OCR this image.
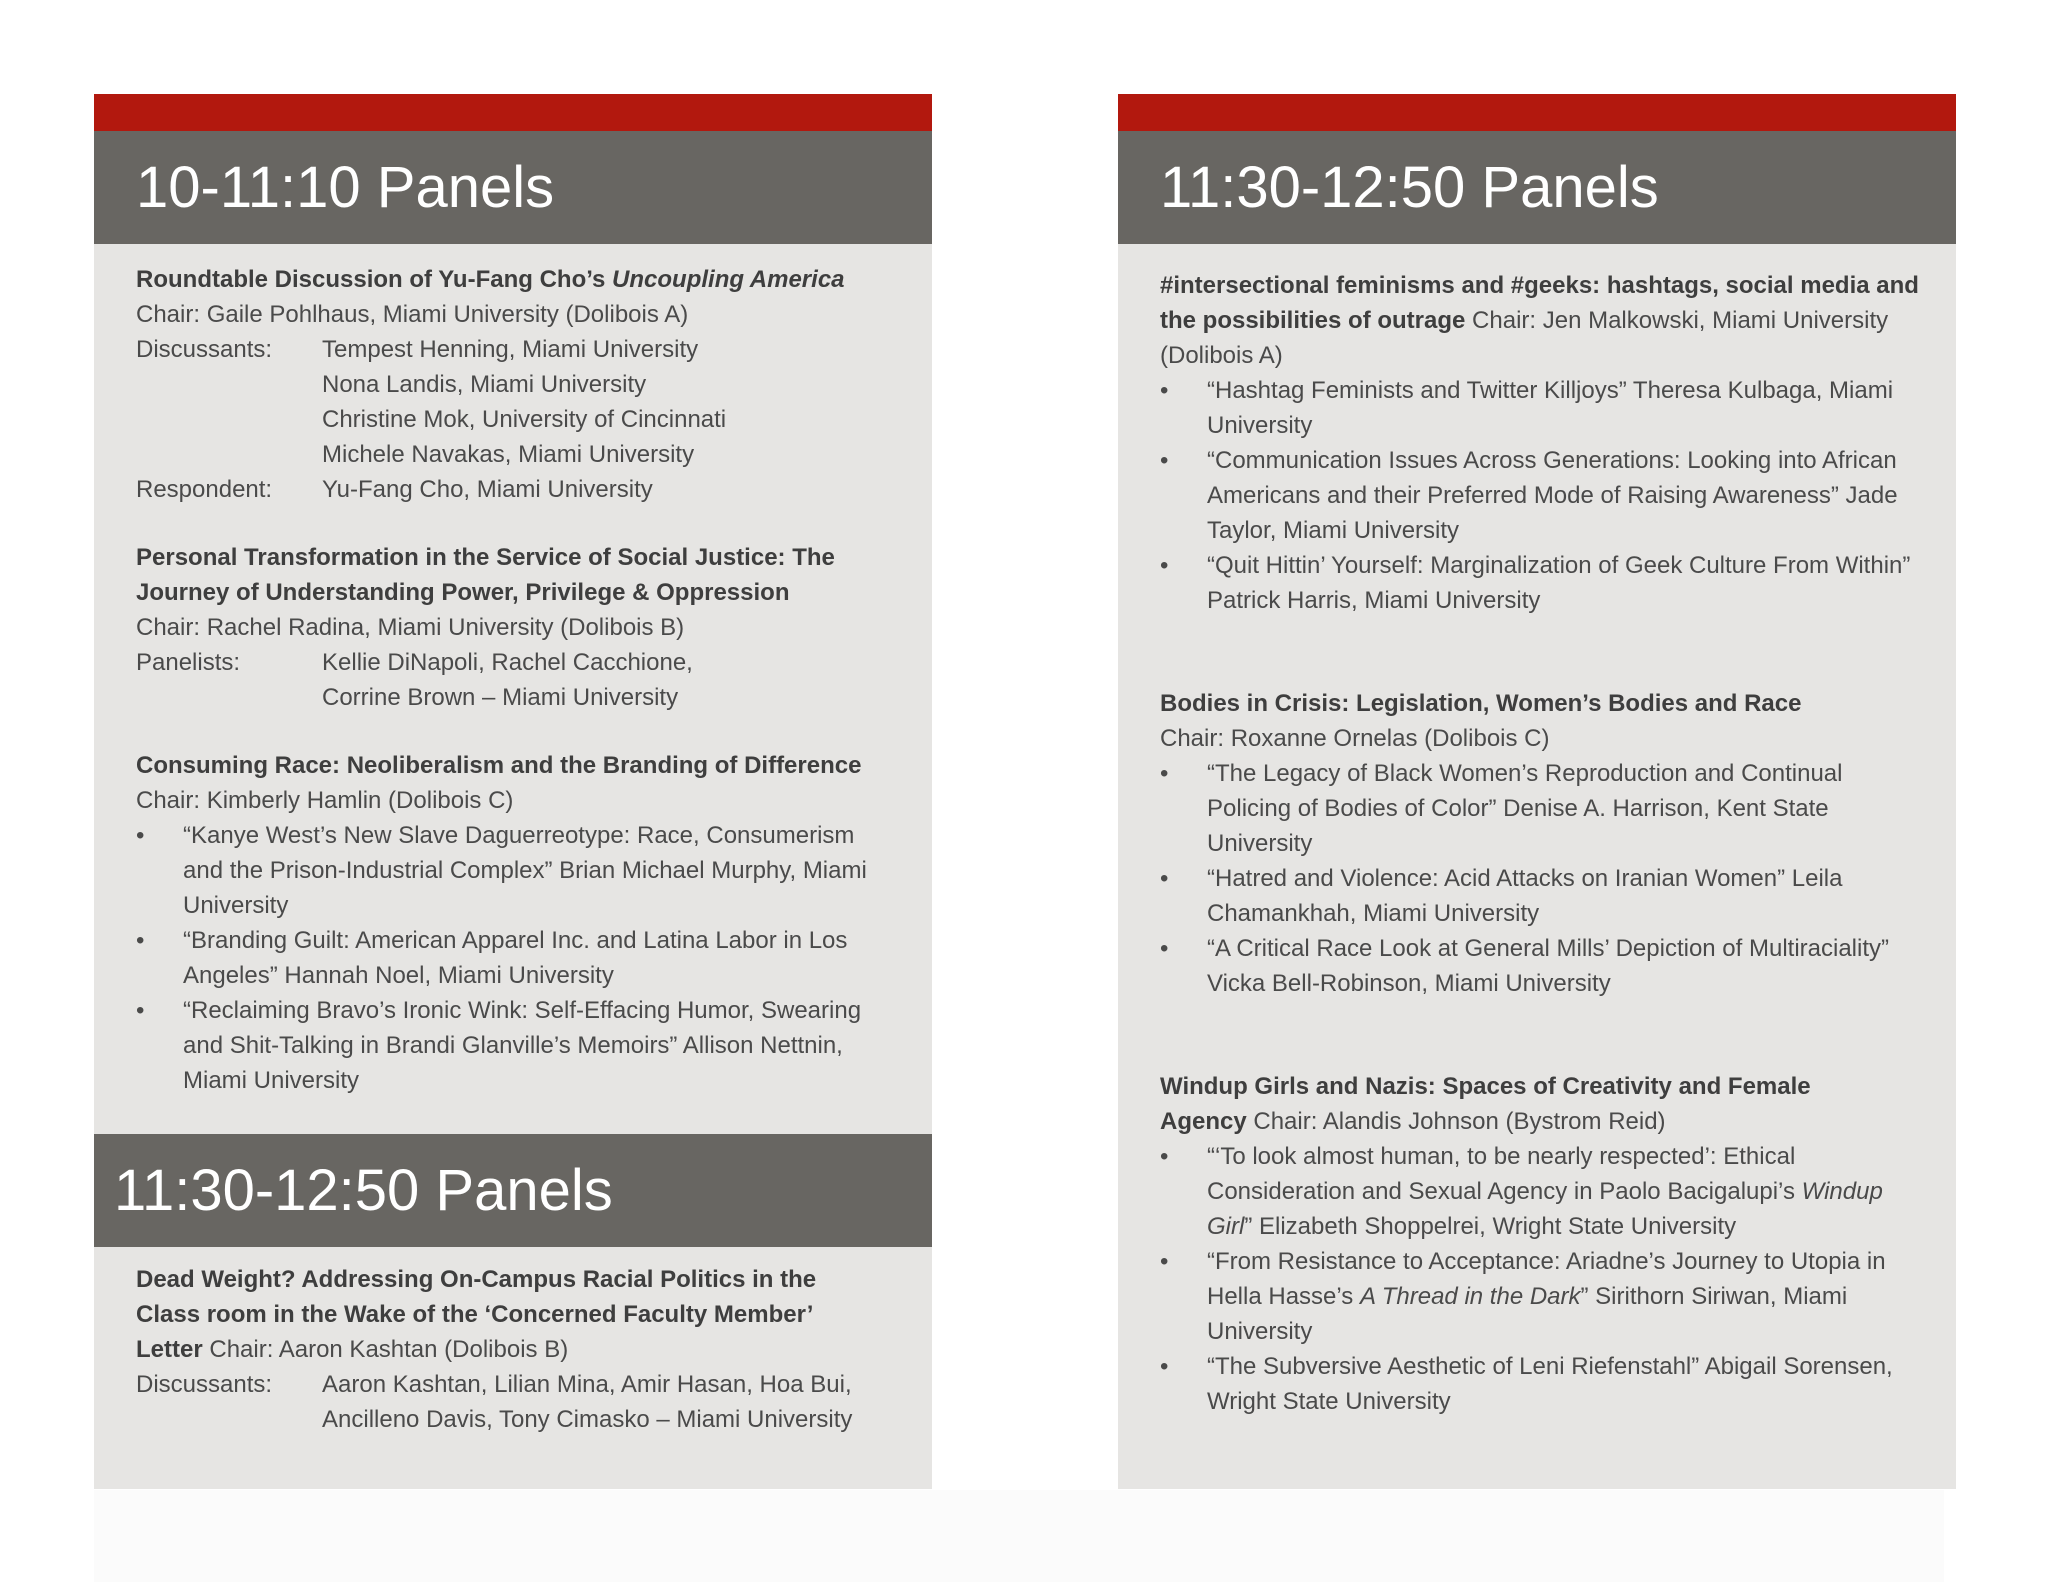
10-11:10 Panels
Roundtable Discussion of Yu-Fang Cho’s Uncoupling America
Chair: Gaile Pohlhaus, Miami University (Dolibois A)
Discussants:	Tempest Henning, Miami University
Nona Landis, Miami University
Christine Mok, University of Cincinnati
Michele Navakas, Miami University
Respondent:	Yu-Fang Cho, Miami University
Personal Transformation in the Service of Social Justice: The
Journey of Understanding Power, Privilege & Oppression
Chair: Rachel Radina, Miami University (Dolibois B)
Panelists:	Kellie DiNapoli, Rachel Cacchione,
Corrine Brown – Miami University
Consuming Race: Neoliberalism and the Branding of Difference
Chair: Kimberly Hamlin (Dolibois C)
• “Kanye West’s New Slave Daguerreotype: Race, Consumerism and the Prison-Industrial Complex” Brian Michael Murphy, Miami University
• “Branding Guilt: American Apparel Inc. and Latina Labor in Los Angeles” Hannah Noel, Miami University
• “Reclaiming Bravo’s Ironic Wink: Self-Effacing Humor, Swearing and Shit-Talking in Brandi Glanville’s Memoirs” Allison Nettnin, Miami University
11:30-12:50 Panels
Dead Weight? Addressing On-Campus Racial Politics in the
Class room in the Wake of the ‘Concerned Faculty Member’
Letter Chair: Aaron Kashtan (Dolibois B)
Discussants:	Aaron Kashtan, Lilian Mina, Amir Hasan, Hoa Bui, Ancilleno Davis, Tony Cimasko – Miami University
11:30-12:50 Panels
#intersectional feminisms and #geeks: hashtags, social media and the possibilities of outrage Chair: Jen Malkowski, Miami University (Dolibois A)
• “Hashtag Feminists and Twitter Killjoys” Theresa Kulbaga, Miami University
• “Communication Issues Across Generations: Looking into African Americans and their Preferred Mode of Raising Awareness” Jade Taylor, Miami University
• “Quit Hittin’ Yourself: Marginalization of Geek Culture From Within” Patrick Harris, Miami University
Bodies in Crisis: Legislation, Women’s Bodies and Race
Chair: Roxanne Ornelas (Dolibois C)
• “The Legacy of Black Women’s Reproduction and Continual Policing of Bodies of Color” Denise A. Harrison, Kent State University
• “Hatred and Violence: Acid Attacks on Iranian Women” Leila Chamankhah, Miami University
• “A Critical Race Look at General Mills’ Depiction of Multiraciality” Vicka Bell-Robinson, Miami University
Windup Girls and Nazis: Spaces of Creativity and Female
Agency Chair: Alandis Johnson (Bystrom Reid)
• “‘To look almost human, to be nearly respected’: Ethical Consideration and Sexual Agency in Paolo Bacigalupi’s Windup Girl” Elizabeth Shoppelrei, Wright State University
• “From Resistance to Acceptance: Ariadne’s Journey to Utopia in Hella Hasse’s A Thread in the Dark” Sirithorn Siriwan, Miami University
• “The Subversive Aesthetic of Leni Riefenstahl” Abigail Sorensen, Wright State University
